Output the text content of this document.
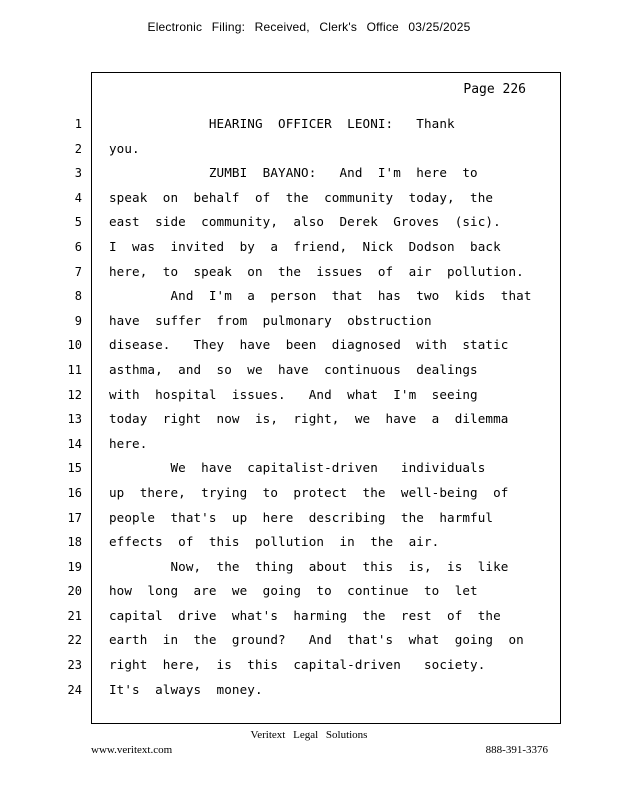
Electronic Filing: Received, Clerk's Office 03/25/2025
Page 226
1
2
3
4
5
6
7
8
9
10
11
12
13
14
15
16
17
18
19
20
21
22
23
24
HEARING  OFFICER  LEONI:   Thank
you.
ZUMBI  BAYANO:   And  I'm  here  to
speak  on  behalf  of  the  community  today,  the
east  side  community,  also  Derek  Groves  (sic).
I  was  invited  by  a  friend,  Nick  Dodson  back
here,  to  speak  on  the  issues  of  air  pollution.
And  I'm  a  person  that  has  two  kids  that
have  suffer  from  pulmonary  obstruction
disease.   They  have  been  diagnosed  with  static
asthma,  and  so  we  have  continuous  dealings
with  hospital  issues.   And  what  I'm  seeing
today  right  now  is,  right,  we  have  a  dilemma
here.
We  have  capitalist-driven   individuals
up  there,  trying  to  protect  the  well-being  of
people  that's  up  here  describing  the  harmful
effects  of  this  pollution  in  the  air.
Now,  the  thing  about  this  is,  is  like
how  long  are  we  going  to  continue  to  let
capital  drive  what's  harming  the  rest  of  the
earth  in  the  ground?   And  that's  what  going  on
right  here,  is  this  capital-driven   society.
It's  always  money.
Veritext Legal Solutions
www.veritext.com	888-391-3376
